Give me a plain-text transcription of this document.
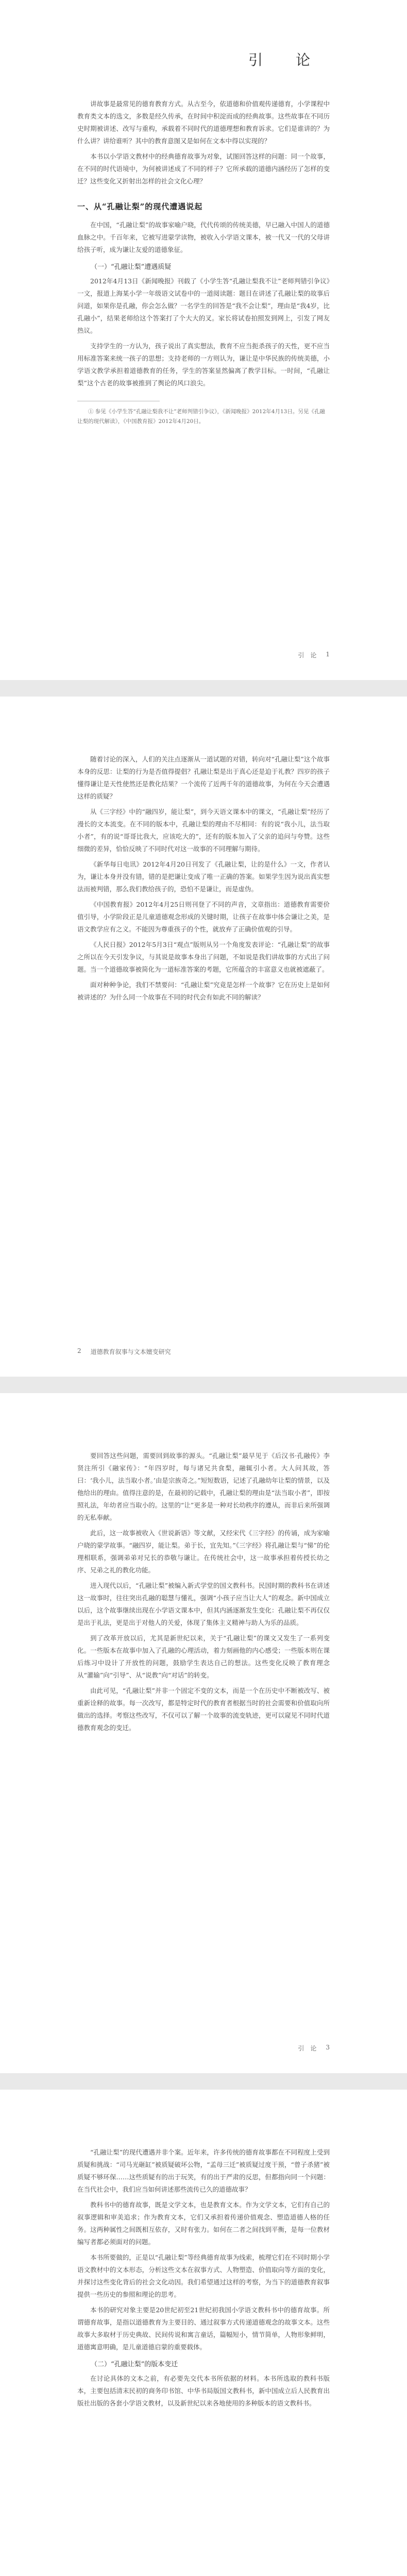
引　论

讲故事是最常见的德育教育方式。从古至今，依道德和价值观传递德育，小学课程中教育类文本的选文，多数是经久传承，在时间中积淀而成的经典故事。这些故事在不同历史时期被讲述、改写与重构，承载着不同时代的道德理想和教育诉求。它们是谁讲的？为什么讲？讲给谁听？其中的教育意图又是如何在文本中得以实现的？

本书以小学语文教材中的经典德育故事为对象，试图回答这样的问题：同一个故事，在不同的时代语境中，为何被讲述成了不同的样子？它所承载的道德内涵经历了怎样的变迁？这些变化又折射出怎样的社会文化心理？

一、从“孔融让梨”的现代遭遇说起

在中国，“孔融让梨”的故事家喻户晓，代代传颂的传统美德，早已融入中国人的道德血脉之中。千百年来，它被写进蒙学读物，被收入小学语文课本，被一代又一代的父母讲给孩子听，成为谦让友爱的道德象征。

（一）“孔融让梨”遭遇质疑

2012年4月13日《新闻晚报》刊载了《小学生答“孔融让梨我不让”老师判错引争议》一文，报道上海某小学一年级语文试卷中的一道阅读题：题目在讲述了孔融让梨的故事后问道，如果你是孔融，你会怎么做？一名学生的回答是“我不会让梨”，理由是“我4岁，比孔融小”，结果老师给这个答案打了个大大的叉。家长将试卷拍照发到网上，引发了网友热议。

支持学生的一方认为，孩子说出了真实想法，教育不应当扼杀孩子的天性，更不应当用标准答案来统一孩子的思想；支持老师的一方则认为，谦让是中华民族的传统美德，小学语文教学承担着道德教育的任务，学生的答案显然偏离了教学目标。一时间，“孔融让梨”这个古老的故事被推到了舆论的风口浪尖。

① 参见《小学生答“孔融让梨我不让”老师判错引争议》，《新闻晚报》2012年4月13日。另见《孔融让梨的现代解读》，《中国教育报》2012年4月20日。

引　论 1

随着讨论的深入，人们的关注点逐渐从一道试题的对错，转向对“孔融让梨”这个故事本身的反思：让梨的行为是否值得提倡？孔融让梨是出于真心还是迫于礼教？四岁的孩子懂得谦让是天性使然还是教化结果？一个流传了近两千年的道德故事，为何在今天会遭遇这样的质疑？

从《三字经》中的“融四岁，能让梨”，到今天语文课本中的课文，“孔融让梨”经历了漫长的文本流变。在不同的版本中，孔融让梨的理由不尽相同：有的说“我小儿，法当取小者”，有的说“哥哥比我大，应该吃大的”，还有的版本加入了父亲的追问与夸赞。这些细微的差异，恰恰反映了不同时代对这一故事的不同理解与期待。

《新华每日电讯》2012年4月20日刊发了《孔融让梨，让的是什么》一文，作者认为，谦让本身并没有错，错的是把谦让变成了唯一正确的答案。如果学生因为说出真实想法而被判错，那么我们教给孩子的，恐怕不是谦让，而是虚伪。

《中国教育报》2012年4月25日则刊登了不同的声音，文章指出：道德教育需要价值引导，小学阶段正是儿童道德观念形成的关键时期，让孩子在故事中体会谦让之美，是语文教学应有之义。不能因为尊重孩子的个性，就放弃了正确价值观的引导。

《人民日报》2012年5月3日“观点”版则从另一个角度发表评论：“孔融让梨”的故事之所以在今天引发争议，与其说是故事本身出了问题，不如说是我们讲故事的方式出了问题。当一个道德故事被简化为一道标准答案的考题，它所蕴含的丰富意义也就被遮蔽了。

面对种种争论，我们不禁要问：“孔融让梨”究竟是怎样一个故事？它在历史上是如何被讲述的？为什么同一个故事在不同的时代会有如此不同的解读？

2 道德教育叙事与文本嬗变研究

要回答这些问题，需要回到故事的源头。“孔融让梨”最早见于《后汉书·孔融传》李贤注所引《融家传》：“年四岁时，每与诸兄共食梨，融辄引小者。大人问其故，答曰：‘我小儿，法当取小者。’由是宗族奇之。”短短数语，记述了孔融幼年让梨的情景，以及他给出的理由。值得注意的是，在最初的记载中，孔融让梨的理由是“法当取小者”，即按照礼法，年幼者应当取小的。这里的“让”更多是一种对长幼秩序的遵从，而非后来所强调的无私奉献。

此后，这一故事被收入《世说新语》等文献，又经宋代《三字经》的传诵，成为家喻户晓的蒙学故事。“融四岁，能让梨。弟于长，宜先知。”《三字经》将孔融让梨与“悌”的伦理相联系，强调弟弟对兄长的恭敬与谦让。在传统社会中，这一故事承担着传授长幼之序、兄弟之礼的教化功能。

进入现代以后，“孔融让梨”被编入新式学堂的国文教科书。民国时期的教科书在讲述这一故事时，往往突出孔融的聪慧与懂礼，强调“小孩子应当让大人”的观念。新中国成立以后，这个故事继续出现在小学语文课本中，但其内涵逐渐发生变化：孔融让梨不再仅仅是出于礼法，更是出于对他人的关爱，体现了集体主义精神与助人为乐的品质。

到了改革开放以后，尤其是新世纪以来，关于“孔融让梨”的课文又发生了一系列变化。一些版本在故事中加入了孔融的心理活动，着力刻画他的内心感受；一些版本则在课后练习中设计了开放性的问题，鼓励学生表达自己的想法。这些变化反映了教育理念从“灌输”向“引导”、从“说教”向“对话”的转变。

由此可见，“孔融让梨”并非一个固定不变的文本，而是一个在历史中不断被改写、被重新诠释的故事。每一次改写，都是特定时代的教育者根据当时的社会需要和价值取向所做出的选择。考察这些改写，不仅可以了解一个故事的流变轨迹，更可以窥见不同时代道德教育观念的变迁。

引　论 3

“孔融让梨”的现代遭遇并非个案。近年来，许多传统的德育故事都在不同程度上受到质疑和挑战：“司马光砸缸”被质疑破坏公物，“孟母三迁”被质疑过度干预，“曾子杀猪”被质疑不够环保……这些质疑有的出于玩笑，有的出于严肃的反思，但都指向同一个问题：在当代社会中，我们应当如何讲述那些流传已久的道德故事？

教科书中的德育故事，既是文学文本，也是教育文本。作为文学文本，它们有自己的叙事逻辑和审美追求；作为教育文本，它们又承担着传递价值观念、塑造道德人格的任务。这两种属性之间既相互依存，又时有张力。如何在二者之间找到平衡，是每一位教材编写者都必须面对的问题。

本书所要做的，正是以“孔融让梨”等经典德育故事为线索，梳理它们在不同时期小学语文教材中的文本形态，分析这些文本在叙事方式、人物塑造、价值取向等方面的变化，并探讨这些变化背后的社会文化动因。我们希望通过这样的考察，为当下的道德教育叙事提供一些历史的参照和理论的思考。

本书的研究对象主要是20世纪初至21世纪初我国小学语文教科书中的德育故事。所谓德育故事，是指以道德教育为主要目的、通过叙事方式传递道德观念的故事文本。这些故事大多取材于历史典故、民间传说和寓言童话，篇幅短小，情节简单，人物形象鲜明，道德寓意明确，是儿童道德启蒙的重要载体。

（二）“孔融让梨”的版本变迁

在讨论具体的文本之前，有必要先交代本书所依据的材料。本书所选取的教科书版本，主要包括清末民初的商务印书馆、中华书局版国文教科书，新中国成立后人民教育出版社出版的各套小学语文教材，以及新世纪以来各地使用的多种版本的语文教科书。
